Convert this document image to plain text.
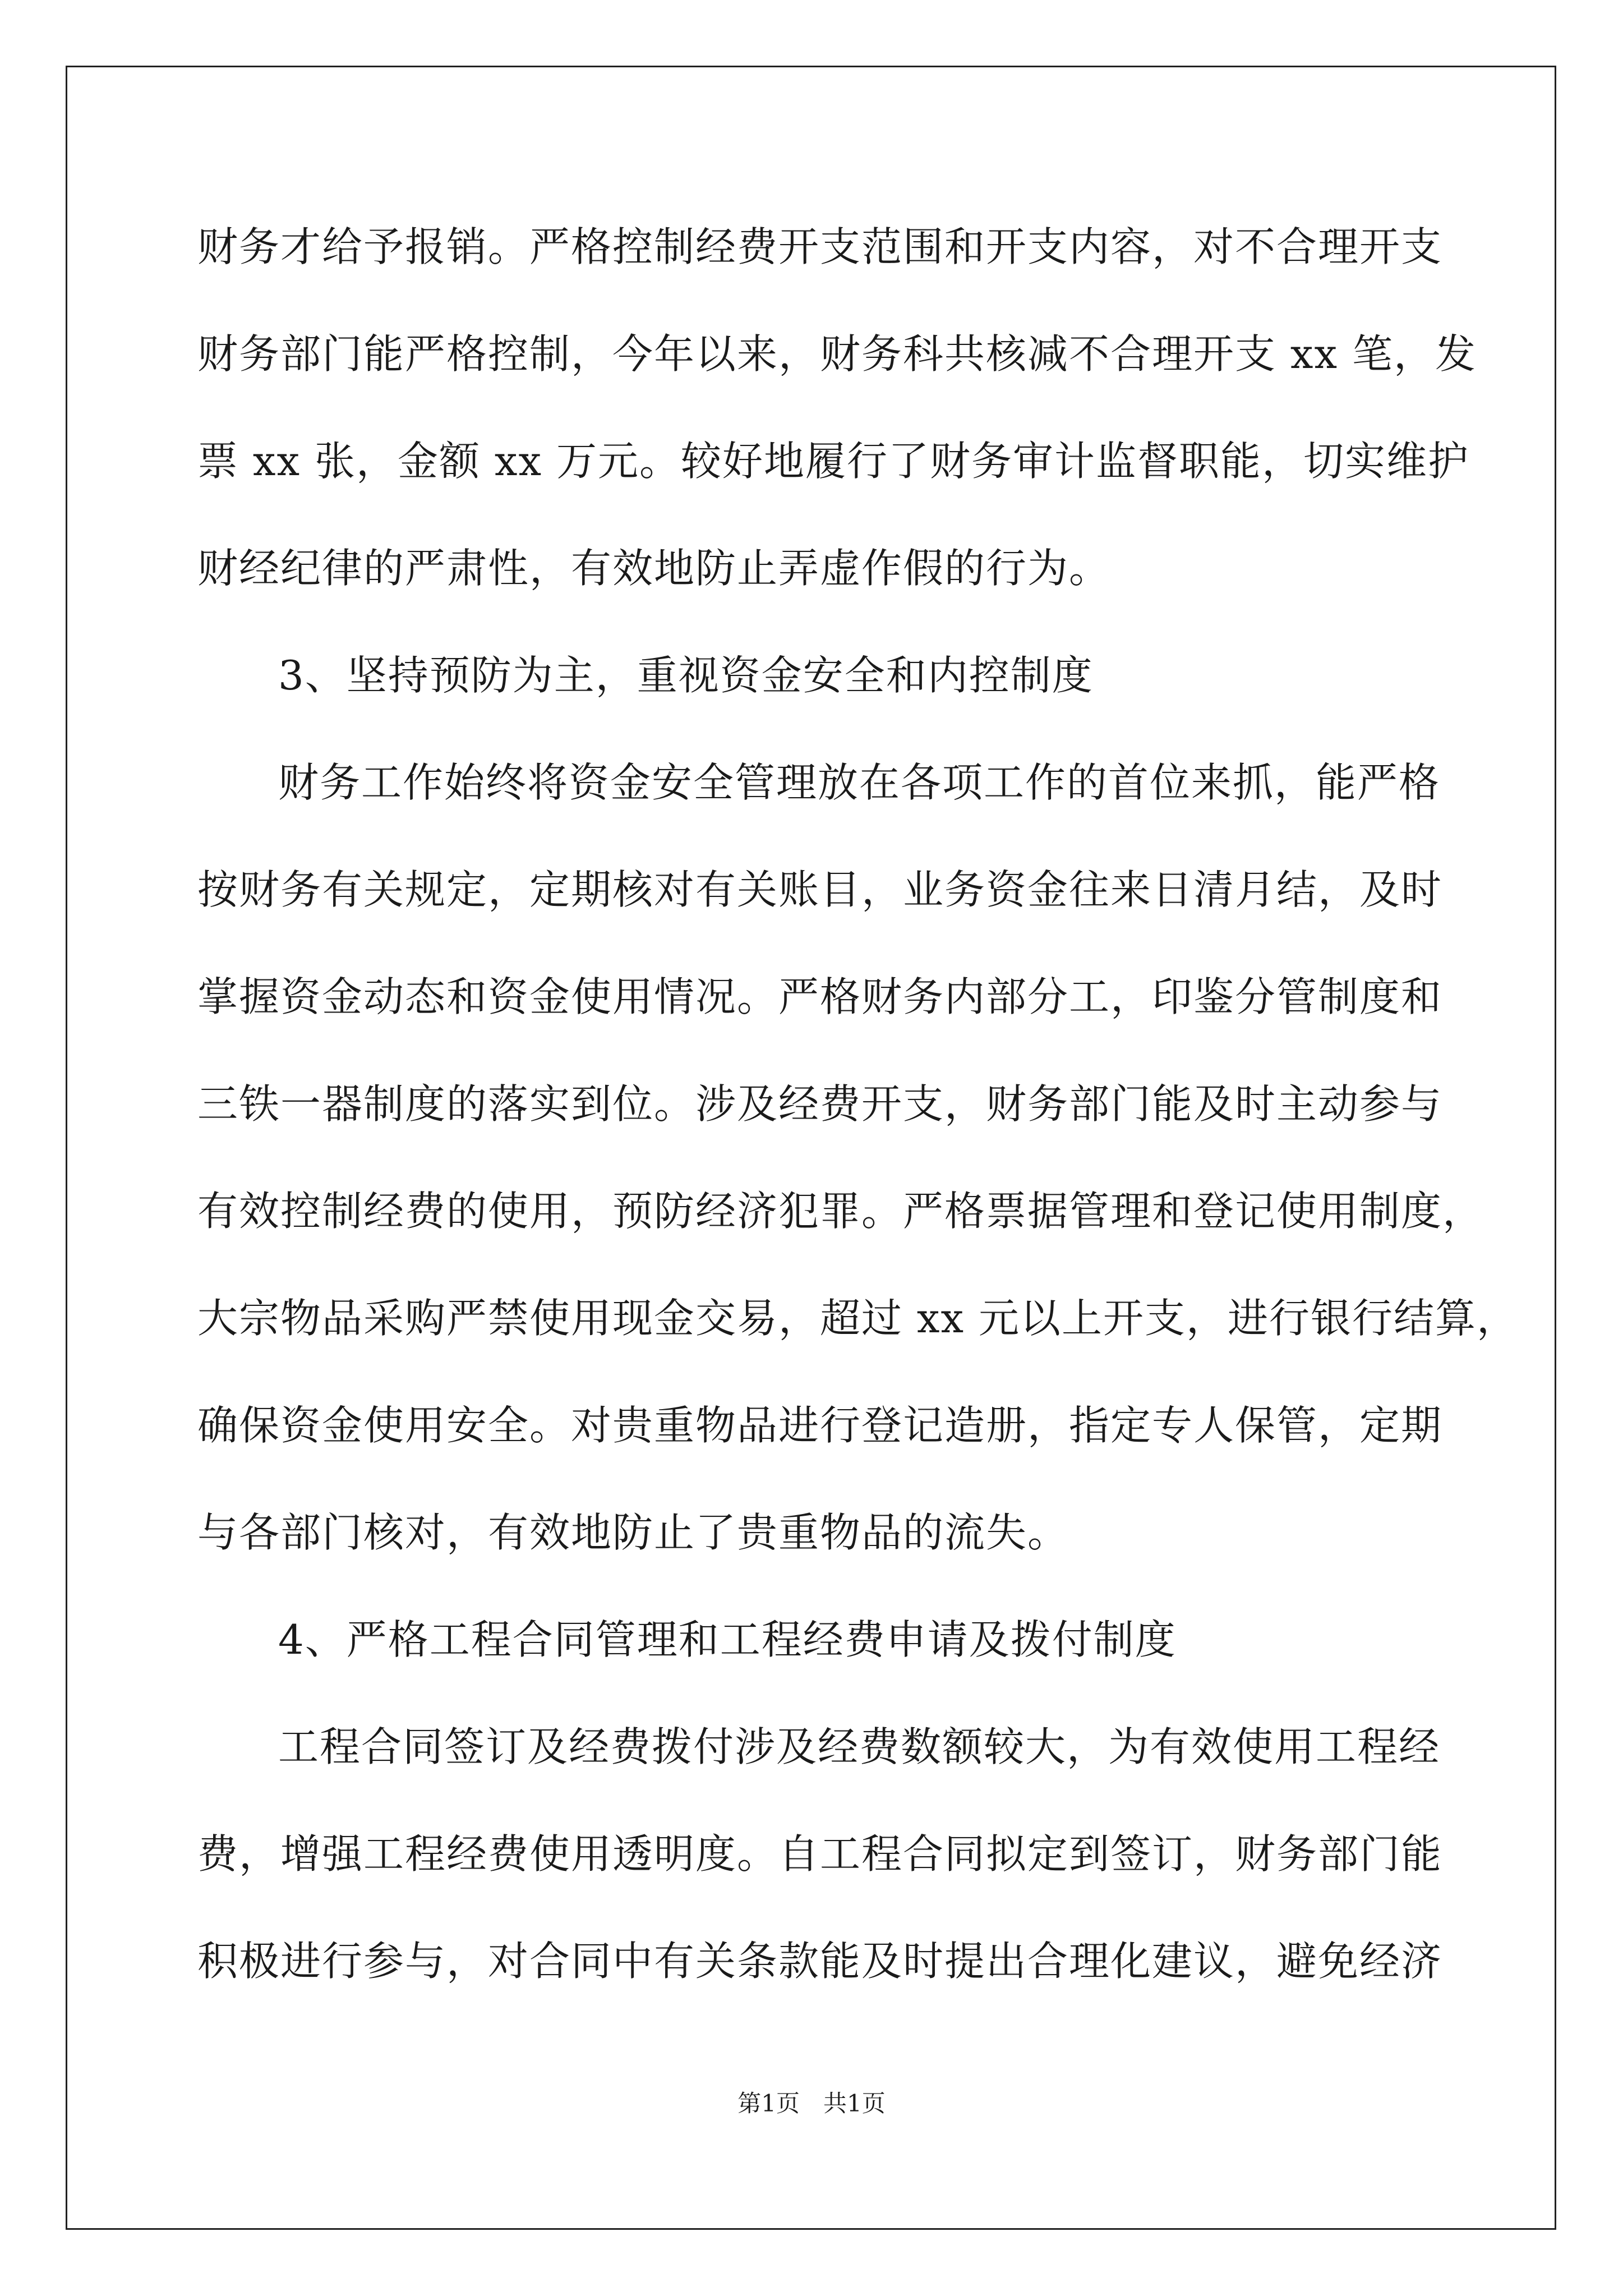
财务才给予报销。严格控制经费开支范围和开支内容，对不合理开支
财务部门能严格控制，今年以来，财务科共核减不合理开支 xx 笔，发
票 xx 张，金额 xx 万元。较好地履行了财务审计监督职能，切实维护
财经纪律的严肃性，有效地防止弄虚作假的行为。
3、坚持预防为主，重视资金安全和内控制度
财务工作始终将资金安全管理放在各项工作的首位来抓，能严格
按财务有关规定，定期核对有关账目，业务资金往来日清月结，及时
掌握资金动态和资金使用情况。严格财务内部分工，印鉴分管制度和
三铁一器制度的落实到位。涉及经费开支，财务部门能及时主动参与
有效控制经费的使用，预防经济犯罪。严格票据管理和登记使用制度，
大宗物品采购严禁使用现金交易，超过 xx 元以上开支，进行银行结算，
确保资金使用安全。对贵重物品进行登记造册，指定专人保管，定期
与各部门核对，有效地防止了贵重物品的流失。
4、严格工程合同管理和工程经费申请及拨付制度
工程合同签订及经费拨付涉及经费数额较大，为有效使用工程经
费，增强工程经费使用透明度。自工程合同拟定到签订，财务部门能
积极进行参与，对合同中有关条款能及时提出合理化建议，避免经济
第1页　共1页
